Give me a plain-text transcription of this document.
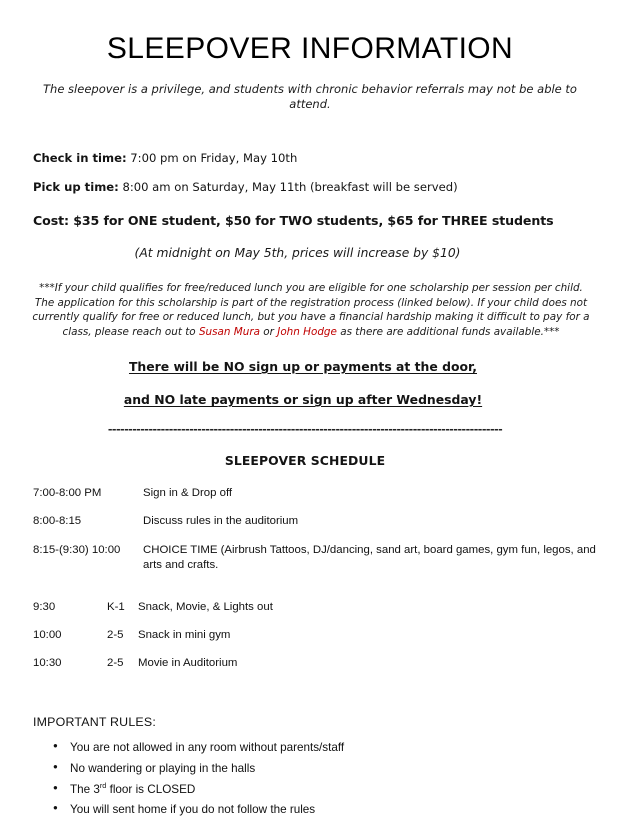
SLEEPOVER INFORMATION

The sleepover is a privilege, and students with chronic behavior referrals may not be able to attend.

Check in time: 7:00 pm on Friday, May 10th
Pick up time: 8:00 am on Saturday, May 11th (breakfast will be served)
Cost: $35 for ONE student, $50 for TWO students, $65 for THREE students
(At midnight on May 5th, prices will increase by $10)

***If your child qualifies for free/reduced lunch you are eligible for one scholarship per session per child. The application for this scholarship is part of the registration process (linked below). If your child does not currently qualify for free or reduced lunch, but you have a financial hardship making it difficult to pay for a class, please reach out to Susan Mura or John Hodge as there are additional funds available.***

There will be NO sign up or payments at the door,
and NO late payments or sign up after Wednesday!
-------------------------------------------------------------------------------------------------
SLEEPOVER SCHEDULE
7:00-8:00 PM	Sign in & Drop off
8:00-8:15	Discuss rules in the auditorium
8:15-(9:30) 10:00	CHOICE TIME (Airbrush Tattoos, DJ/dancing, sand art, board games, gym fun, legos, and arts and crafts.
9:30	K-1	Snack, Movie, & Lights out
10:00	2-5	Snack in mini gym
10:30	2-5	Movie in Auditorium
IMPORTANT RULES:
● You are not allowed in any room without parents/staff
● No wandering or playing in the halls
● The 3rd floor is CLOSED
● You will sent home if you do not follow the rules
